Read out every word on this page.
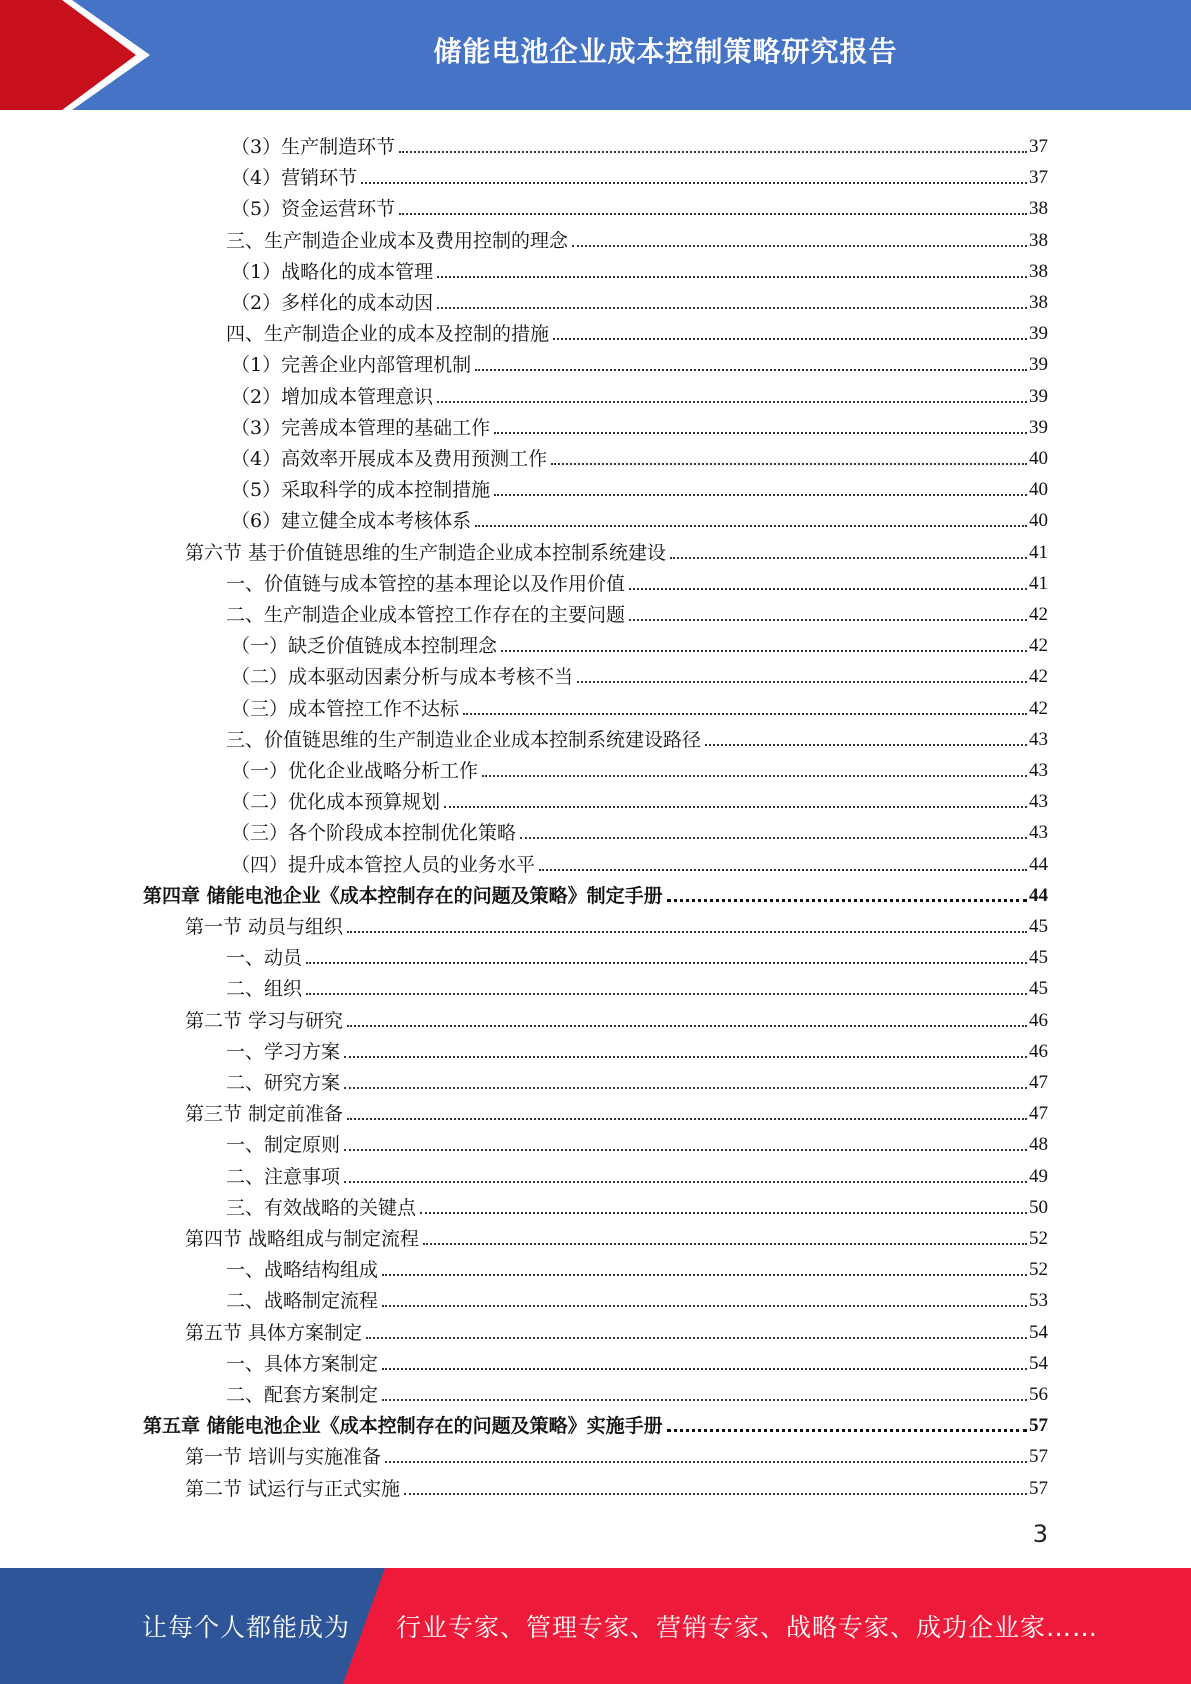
储能电池企业成本控制策略研究报告
（3）生产制造环节	37
（4）营销环节	37
（5）资金运营环节	38
三、生产制造企业成本及费用控制的理念	38
（1）战略化的成本管理	38
（2）多样化的成本动因	38
四、生产制造企业的成本及控制的措施	39
（1）完善企业内部管理机制	39
（2）增加成本管理意识	39
（3）完善成本管理的基础工作	39
（4）高效率开展成本及费用预测工作	40
（5）采取科学的成本控制措施	40
（6）建立健全成本考核体系	40
第六节 基于价值链思维的生产制造企业成本控制系统建设	41
一、价值链与成本管控的基本理论以及作用价值	41
二、生产制造企业成本管控工作存在的主要问题	42
（一）缺乏价值链成本控制理念	42
（二）成本驱动因素分析与成本考核不当	42
（三）成本管控工作不达标	42
三、价值链思维的生产制造业企业成本控制系统建设路径	43
（一）优化企业战略分析工作	43
（二）优化成本预算规划	43
（三）各个阶段成本控制优化策略	43
（四）提升成本管控人员的业务水平	44
第四章 储能电池企业《成本控制存在的问题及策略》制定手册	44
第一节 动员与组织	45
一、动员	45
二、组织	45
第二节 学习与研究	46
一、学习方案	46
二、研究方案	47
第三节 制定前准备	47
一、制定原则	48
二、注意事项	49
三、有效战略的关键点	50
第四节 战略组成与制定流程	52
一、战略结构组成	52
二、战略制定流程	53
第五节 具体方案制定	54
一、具体方案制定	54
二、配套方案制定	56
第五章 储能电池企业《成本控制存在的问题及策略》实施手册	57
第一节 培训与实施准备	57
第二节 试运行与正式实施	57
3
让每个人都能成为 行业专家、管理专家、营销专家、战略专家、成功企业家……
